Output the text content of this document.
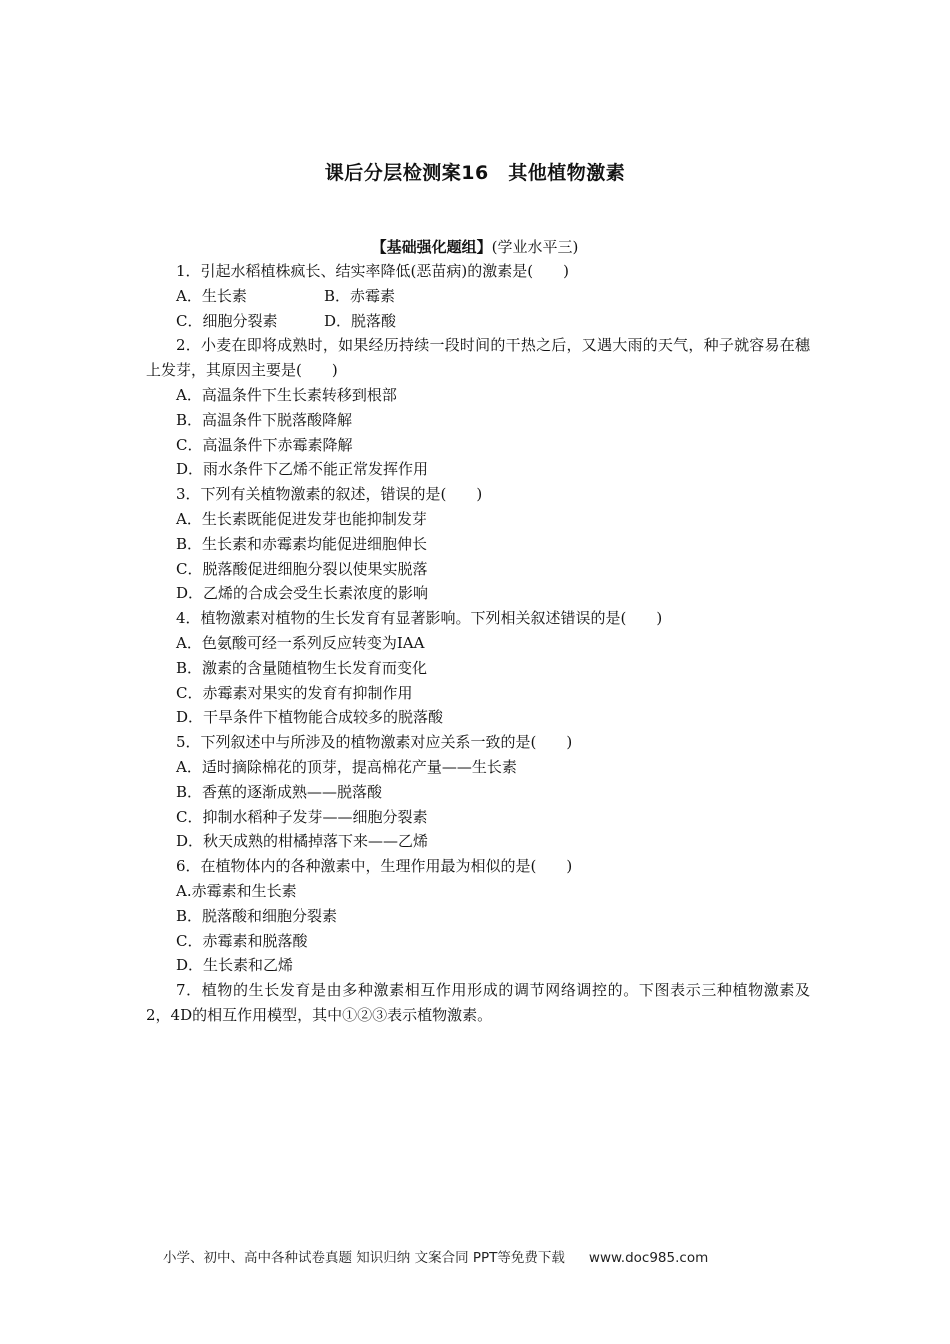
课后分层检测案16　其他植物激素
【基础强化题组】(学业水平三)
1．引起水稻植株疯长、结实率降低(恶苗病)的激素是(　　)
A．生长素	B．赤霉素
C．细胞分裂素	D．脱落酸
2．小麦在即将成熟时，如果经历持续一段时间的干热之后，又遇大雨的天气，种子就容易在穗上发芽，其原因主要是(　　)
A．高温条件下生长素转移到根部
B．高温条件下脱落酸降解
C．高温条件下赤霉素降解
D．雨水条件下乙烯不能正常发挥作用
3．下列有关植物激素的叙述，错误的是(　　)
A．生长素既能促进发芽也能抑制发芽
B．生长素和赤霉素均能促进细胞伸长
C．脱落酸促进细胞分裂以使果实脱落
D．乙烯的合成会受生长素浓度的影响
4．植物激素对植物的生长发育有显著影响。下列相关叙述错误的是(　　)
A．色氨酸可经一系列反应转变为IAA
B．激素的含量随植物生长发育而变化
C．赤霉素对果实的发育有抑制作用
D．干旱条件下植物能合成较多的脱落酸
5．下列叙述中与所涉及的植物激素对应关系一致的是(　　)
A．适时摘除棉花的顶芽，提高棉花产量——生长素
B．香蕉的逐渐成熟——脱落酸
C．抑制水稻种子发芽——细胞分裂素
D．秋天成熟的柑橘掉落下来——乙烯
6．在植物体内的各种激素中，生理作用最为相似的是(　　)
A.赤霉素和生长素
B．脱落酸和细胞分裂素
C．赤霉素和脱落酸
D．生长素和乙烯
7．植物的生长发育是由多种激素相互作用形成的调节网络调控的。下图表示三种植物激素及2，4D的相互作用模型，其中①②③表示植物激素。
小学、初中、高中各种试卷真题 知识归纳 文案合同 PPT等免费下载 www.doc985.com
